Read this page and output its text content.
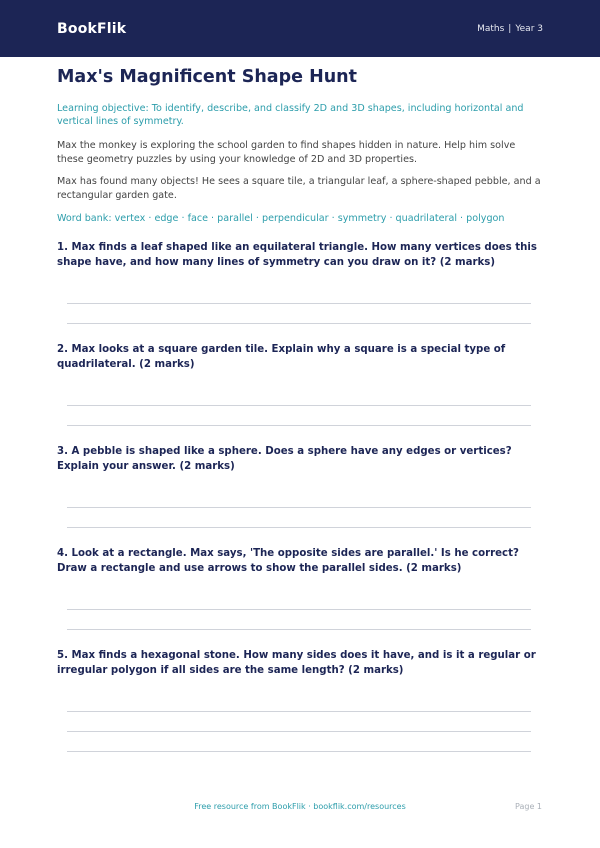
BookFlik	Maths | Year 3
Max's Magnificent Shape Hunt

Learning objective: To identify, describe, and classify 2D and 3D shapes, including horizontal and vertical lines of symmetry.

Max the monkey is exploring the school garden to find shapes hidden in nature. Help him solve these geometry puzzles by using your knowledge of 2D and 3D properties.

Max has found many objects! He sees a square tile, a triangular leaf, a sphere-shaped pebble, and a rectangular garden gate.

Word bank: vertex · edge · face · parallel · perpendicular · symmetry · quadrilateral · polygon

1. Max finds a leaf shaped like an equilateral triangle. How many vertices does this shape have, and how many lines of symmetry can you draw on it? (2 marks)

2. Max looks at a square garden tile. Explain why a square is a special type of quadrilateral. (2 marks)

3. A pebble is shaped like a sphere. Does a sphere have any edges or vertices? Explain your answer. (2 marks)

4. Look at a rectangle. Max says, 'The opposite sides are parallel.' Is he correct? Draw a rectangle and use arrows to show the parallel sides. (2 marks)

5. Max finds a hexagonal stone. How many sides does it have, and is it a regular or irregular polygon if all sides are the same length? (2 marks)

Free resource from BookFlik · bookflik.com/resources	Page 1
